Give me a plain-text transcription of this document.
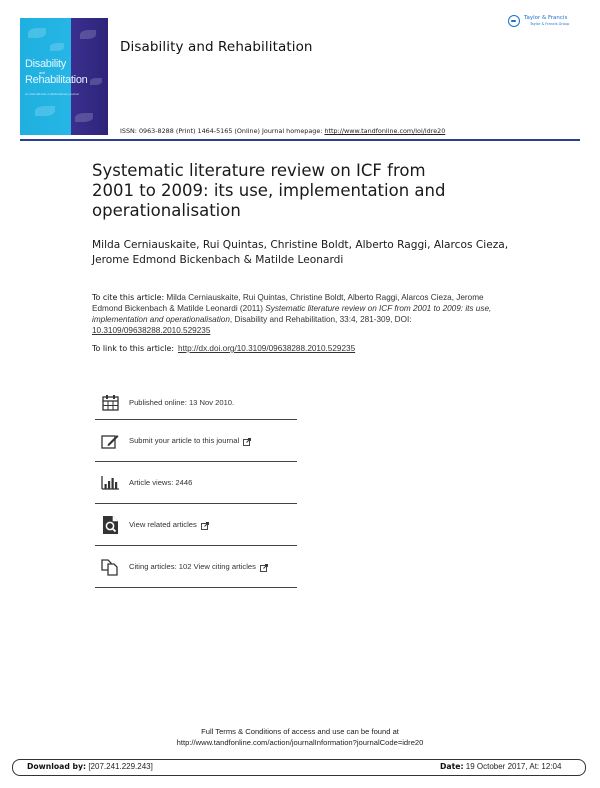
Disability
and
Rehabilitation
An international, multidisciplinary journal
Disability and Rehabilitation
Taylor & Francis
Taylor & Francis Group
ISSN: 0963-8288 (Print) 1464-5165 (Online) Journal homepage: http://www.tandfonline.com/loi/idre20
Systematic literature review on ICF from 2001 to 2009: its use, implementation and operationalisation
Milda Cerniauskaite, Rui Quintas, Christine Boldt, Alberto Raggi, Alarcos Cieza, Jerome Edmond Bickenbach & Matilde Leonardi
To cite this article: Milda Cerniauskaite, Rui Quintas, Christine Boldt, Alberto Raggi, Alarcos Cieza, Jerome Edmond Bickenbach & Matilde Leonardi (2011) Systematic literature review on ICF from 2001 to 2009: its use, implementation and operationalisation, Disability and Rehabilitation, 33:4, 281-309, DOI: 10.3109/09638288.2010.529235
To link to this article: http://dx.doi.org/10.3109/09638288.2010.529235
Published online: 13 Nov 2010.
Submit your article to this journal
Article views: 2446
View related articles
Citing articles: 102 View citing articles
Full Terms & Conditions of access and use can be found at
http://www.tandfonline.com/action/journalInformation?journalCode=idre20
Download by: [207.241.229.243]	Date: 19 October 2017, At: 12:04
